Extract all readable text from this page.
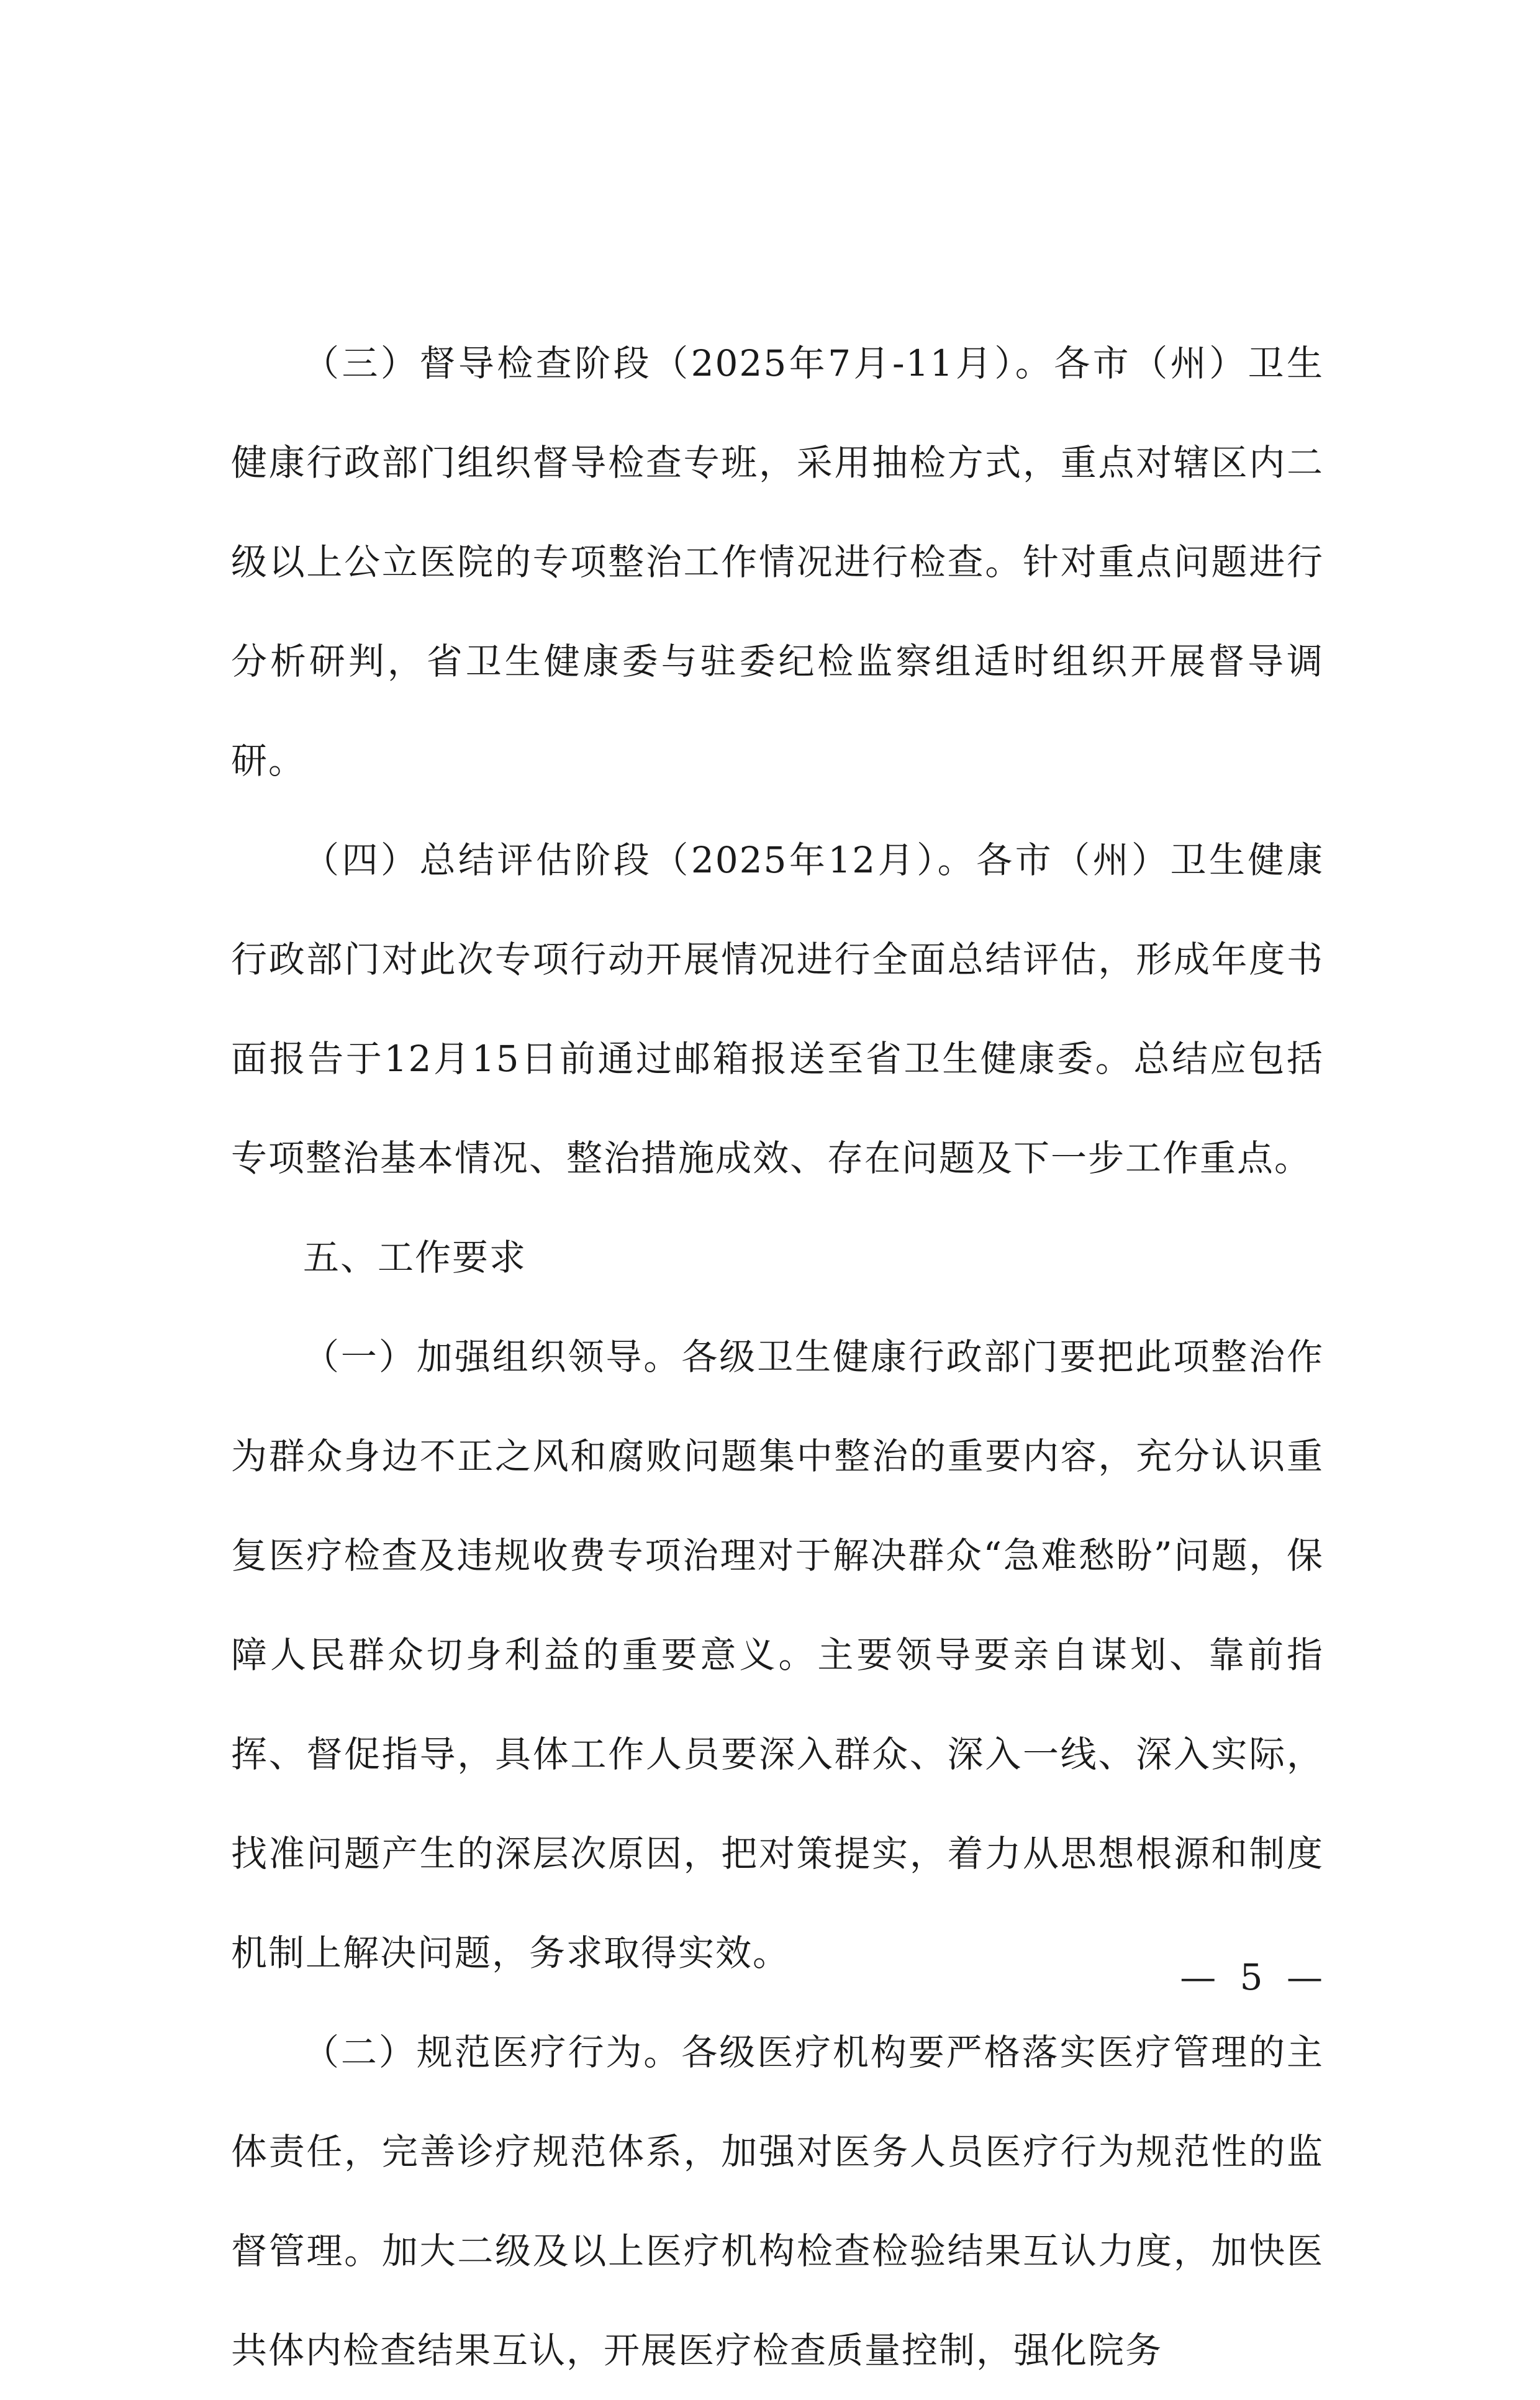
（三）督导检查阶段（2025年7月-11月）。各市（州）卫生健康行政部门组织督导检查专班，采用抽检方式，重点对辖区内二级以上公立医院的专项整治工作情况进行检查。针对重点问题进行分析研判，省卫生健康委与驻委纪检监察组适时组织开展督导调研。

（四）总结评估阶段（2025年12月）。各市（州）卫生健康行政部门对此次专项行动开展情况进行全面总结评估，形成年度书面报告于12月15日前通过邮箱报送至省卫生健康委。总结应包括专项整治基本情况、整治措施成效、存在问题及下一步工作重点。

五、工作要求

（一）加强组织领导。各级卫生健康行政部门要把此项整治作为群众身边不正之风和腐败问题集中整治的重要内容，充分认识重复医疗检查及违规收费专项治理对于解决群众“急难愁盼”问题，保障人民群众切身利益的重要意义。主要领导要亲自谋划、靠前指挥、督促指导，具体工作人员要深入群众、深入一线、深入实际，找准问题产生的深层次原因，把对策提实，着力从思想根源和制度机制上解决问题，务求取得实效。

（二）规范医疗行为。各级医疗机构要严格落实医疗管理的主体责任，完善诊疗规范体系，加强对医务人员医疗行为规范性的监督管理。加大二级及以上医疗机构检查检验结果互认力度，加快医共体内检查结果互认，开展医疗检查质量控制，强化院务

— 5 —
